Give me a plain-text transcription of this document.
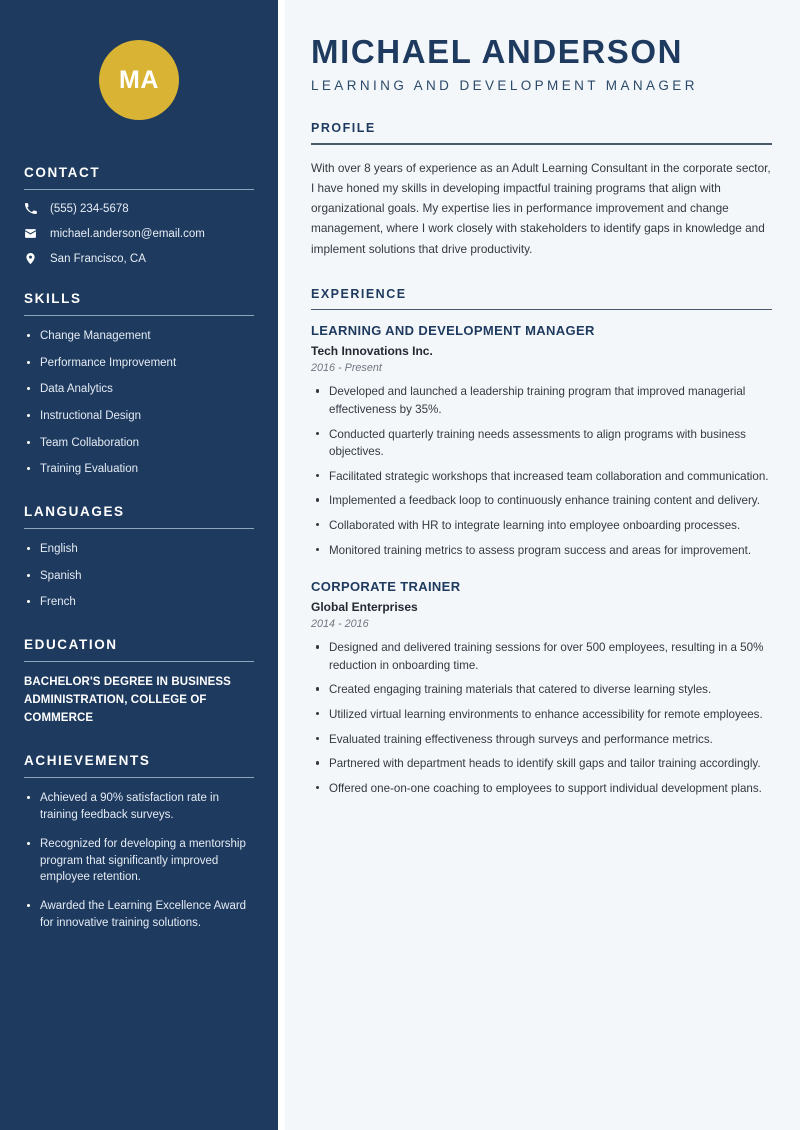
MA
CONTACT
(555) 234-5678
michael.anderson@email.com
San Francisco, CA
SKILLS
Change Management
Performance Improvement
Data Analytics
Instructional Design
Team Collaboration
Training Evaluation
LANGUAGES
English
Spanish
French
EDUCATION
BACHELOR'S DEGREE IN BUSINESS ADMINISTRATION, COLLEGE OF COMMERCE
ACHIEVEMENTS
Achieved a 90% satisfaction rate in training feedback surveys.
Recognized for developing a mentorship program that significantly improved employee retention.
Awarded the Learning Excellence Award for innovative training solutions.
MICHAEL ANDERSON
LEARNING AND DEVELOPMENT MANAGER
PROFILE

With over 8 years of experience as an Adult Learning Consultant in the corporate sector, I have honed my skills in developing impactful training programs that align with organizational goals. My expertise lies in performance improvement and change management, where I work closely with stakeholders to identify gaps in knowledge and implement solutions that drive productivity.

EXPERIENCE
LEARNING AND DEVELOPMENT MANAGER
Tech Innovations Inc.
2016 - Present
Developed and launched a leadership training program that improved managerial effectiveness by 35%.
Conducted quarterly training needs assessments to align programs with business objectives.
Facilitated strategic workshops that increased team collaboration and communication.
Implemented a feedback loop to continuously enhance training content and delivery.
Collaborated with HR to integrate learning into employee onboarding processes.
Monitored training metrics to assess program success and areas for improvement.
CORPORATE TRAINER
Global Enterprises
2014 - 2016
Designed and delivered training sessions for over 500 employees, resulting in a 50% reduction in onboarding time.
Created engaging training materials that catered to diverse learning styles.
Utilized virtual learning environments to enhance accessibility for remote employees.
Evaluated training effectiveness through surveys and performance metrics.
Partnered with department heads to identify skill gaps and tailor training accordingly.
Offered one-on-one coaching to employees to support individual development plans.
